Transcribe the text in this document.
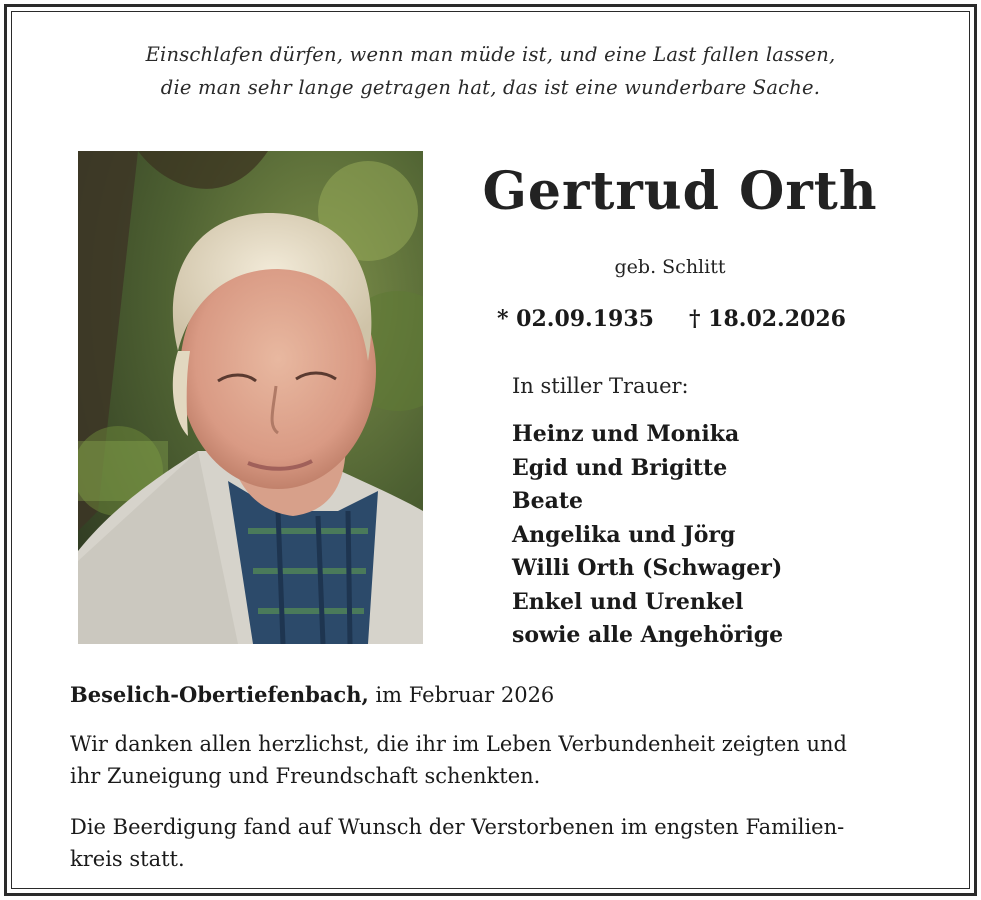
Einschlafen dürfen, wenn man müde ist, und eine Last fallen lassen,
die man sehr lange getragen hat, das ist eine wunderbare Sache.
Gertrud Orth
geb. Schlitt
* 02.09.1935 † 18.02.2026
In stiller Trauer:
Heinz und Monika
Egid und Brigitte
Beate
Angelika und Jörg
Willi Orth (Schwager)
Enkel und Urenkel
sowie alle Angehörige
Beselich-Obertiefenbach, im Februar 2026
Wir danken allen herzlichst, die ihr im Leben Verbundenheit zeigten und
ihr Zuneigung und Freundschaft schenkten.
Die Beerdigung fand auf Wunsch der Verstorbenen im engsten Familien-
kreis statt.
